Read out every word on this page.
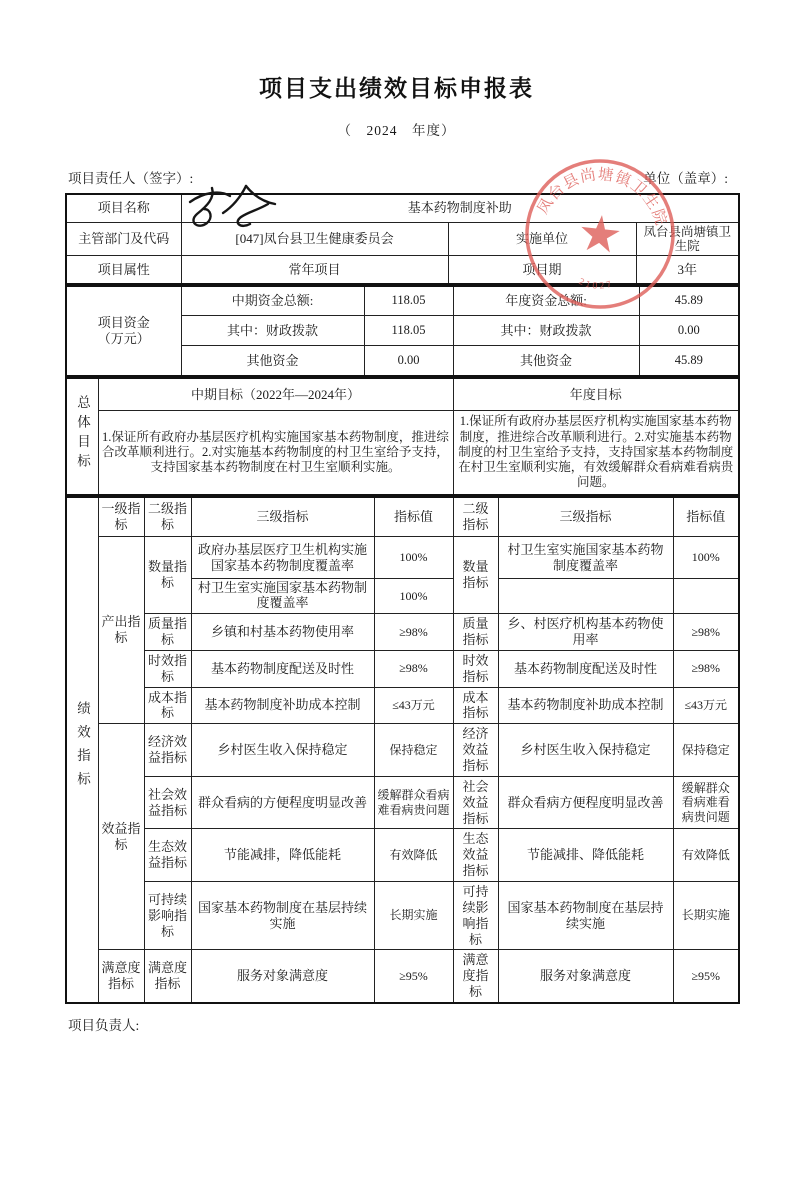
项目支出绩效目标申报表
（　2024　年度）
项目责任人（签字）:	单位（盖章）:
凤台县尚塘镇卫生院
21027
项目名称	基本药物制度补助		
主管部门及代码	[047]凤台县卫生健康委员会	实施单位	凤台县尚塘镇卫生院
项目属性	常年项目	项目期	3年
项目资金
（万元）	中期资金总额:	118.05	年度资金总额:	45.89
	其中：财政拨款	118.05	其中：财政拨款	0.00
	其他资金	0.00	其他资金	45.89
总体目标	中期目标（2022年—2024年）	年度目标
	1.保证所有政府办基层医疗机构实施国家基本药物制度，推进综合改革顺利进行。2.对实施基本药物制度的村卫生室给予支持，支持国家基本药物制度在村卫生室顺利实施。	1.保证所有政府办基层医疗机构实施国家基本药物制度，推进综合改革顺利进行。2.对实施基本药物制度的村卫生室给予支持，支持国家基本药物制度在村卫生室顺利实施，有效缓解群众看病难看病贵问题。
绩效指标	一级指标	二级指标	三级指标	指标值	二级指标	三级指标	指标值
	产出指标	数量指标	政府办基层医疗卫生机构实施国家基本药物制度覆盖率	100%	数量指标	村卫生室实施国家基本药物制度覆盖率	100%
			村卫生室实施国家基本药物制度覆盖率	100%			
		质量指标	乡镇和村基本药物使用率	≥98%	质量指标	乡、村医疗机构基本药物使用率	≥98%
		时效指标	基本药物制度配送及时性	≥98%	时效指标	基本药物制度配送及时性	≥98%
		成本指标	基本药物制度补助成本控制	≤43万元	成本指标	基本药物制度补助成本控制	≤43万元
	效益指标	经济效益指标	乡村医生收入保持稳定	保持稳定	经济效益指标	乡村医生收入保持稳定	保持稳定
		社会效益指标	群众看病的方便程度明显改善	缓解群众看病难看病贵问题	社会效益指标	群众看病方便程度明显改善	缓解群众看病难看病贵问题
		生态效益指标	节能减排，降低能耗	有效降低	生态效益指标	节能减排、降低能耗	有效降低
		可持续影响指标	国家基本药物制度在基层持续实施	长期实施	可持续影响指标	国家基本药物制度在基层持续实施	长期实施
	满意度指标	满意度指标	服务对象满意度	≥95%	满意度指标	服务对象满意度	≥95%
项目负责人:
